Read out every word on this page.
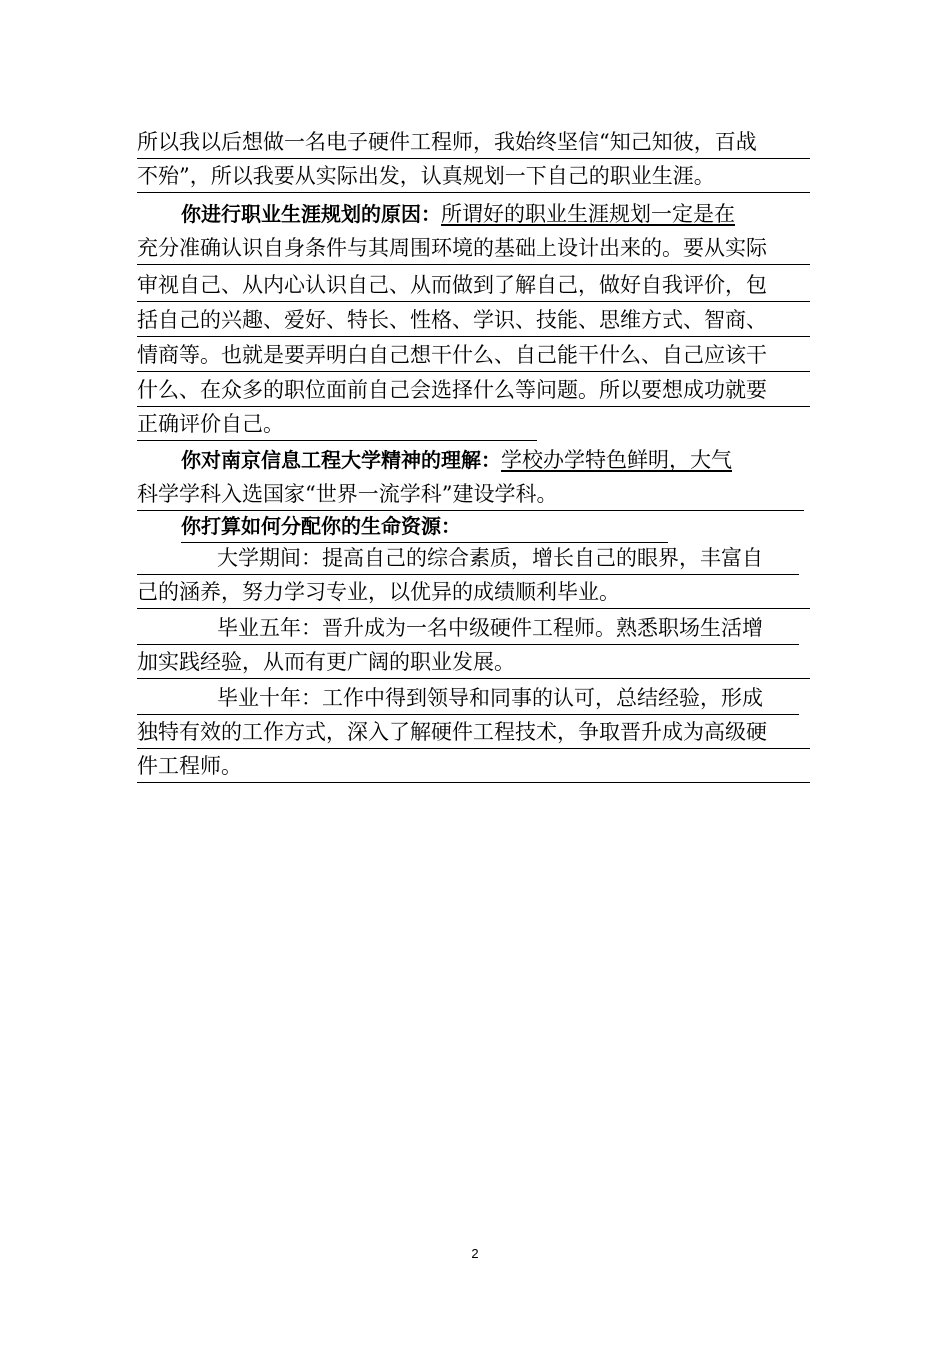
所以我以后想做一名电子硬件工程师，我始终坚信“知己知彼，百战
不殆”，所以我要从实际出发，认真规划一下自己的职业生涯。
你进行职业生涯规划的原因：所谓好的职业生涯规划一定是在
充分准确认识自身条件与其周围环境的基础上设计出来的。要从实际
审视自己、从内心认识自己、从而做到了解自己，做好自我评价，包
括自己的兴趣、爱好、特长、性格、学识、技能、思维方式、智商、
情商等。也就是要弄明白自己想干什么、自己能干什么、自己应该干
什么、在众多的职位面前自己会选择什么等问题。所以要想成功就要
正确评价自己。
你对南京信息工程大学精神的理解：学校办学特色鲜明，大气
科学学科入选国家“世界一流学科”建设学科。
你打算如何分配你的生命资源：
大学期间：提高自己的综合素质，增长自己的眼界，丰富自
己的涵养，努力学习专业，以优异的成绩顺利毕业。
毕业五年：晋升成为一名中级硬件工程师。熟悉职场生活增
加实践经验，从而有更广阔的职业发展。
毕业十年：工作中得到领导和同事的认可，总结经验，形成
独特有效的工作方式，深入了解硬件工程技术，争取晋升成为高级硬
件工程师。
2
